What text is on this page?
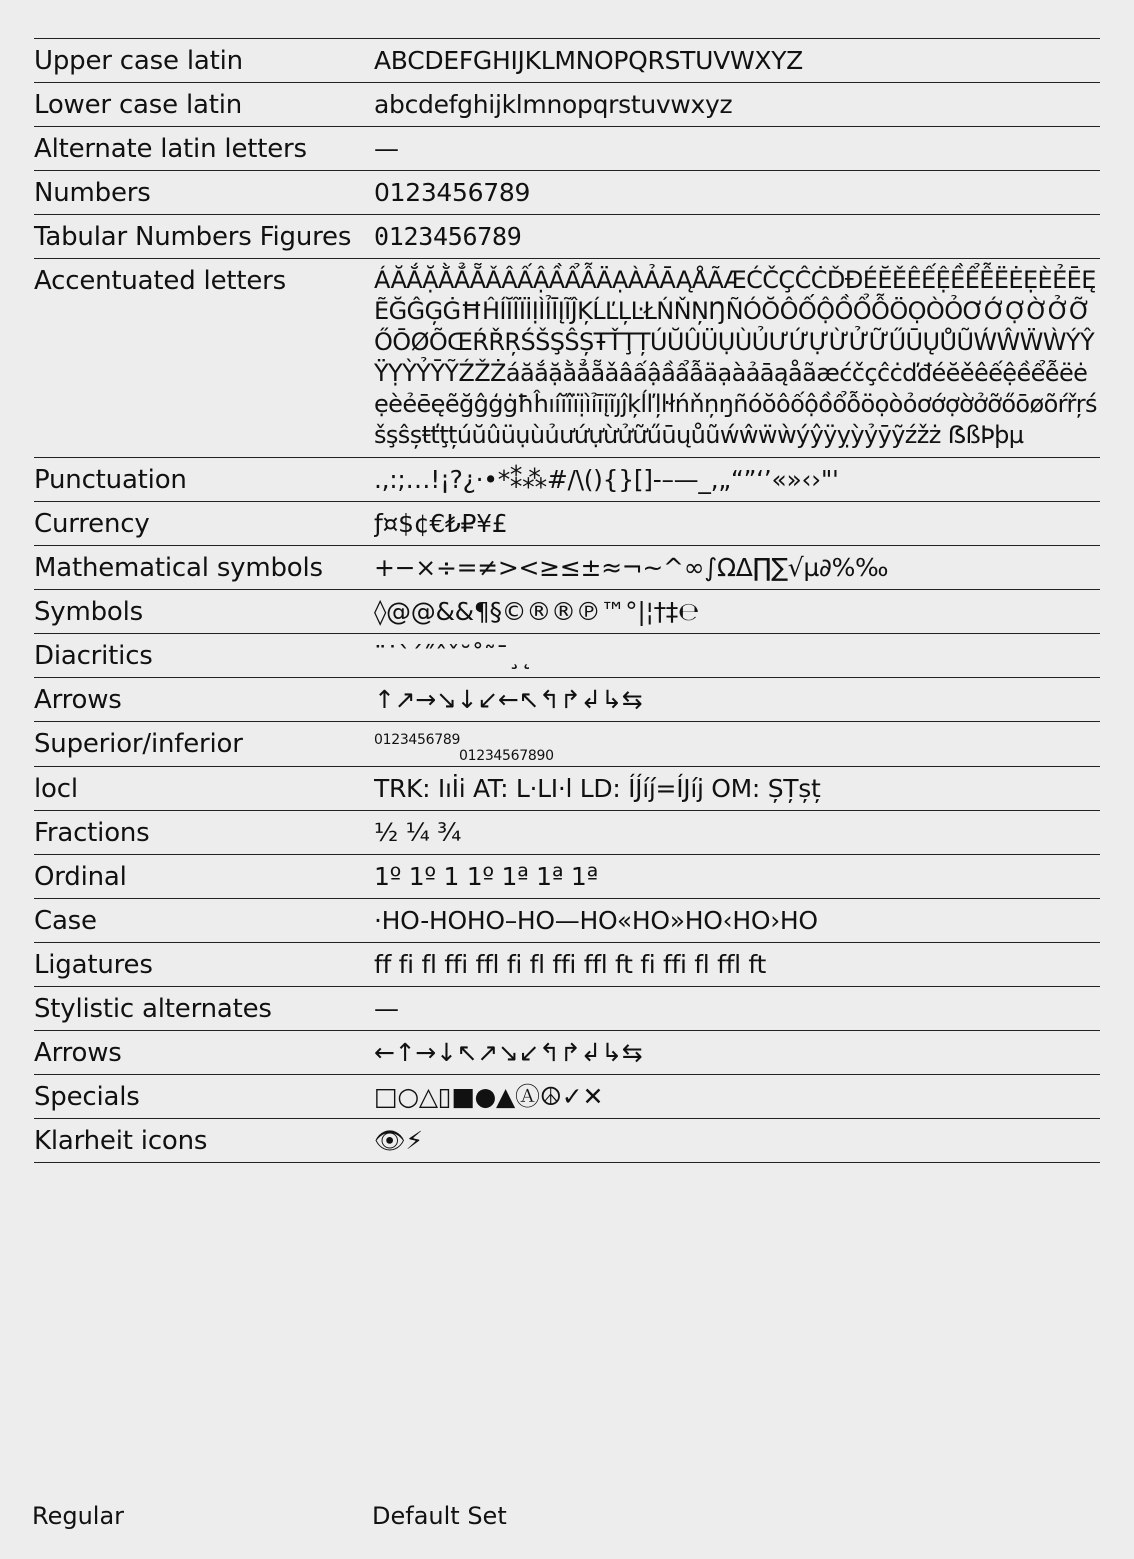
Upper case latin	ABCDEFGHIJKLMNOPQRSTUVWXYZ
Lower case latin	abcdefghijklmnopqrstuvwxyz
Alternate latin letters	—
Numbers	0123456789
Tabular Numbers Figures 0123456789
Accentuated letters	ÁĂẮẶẰẲẴǍÂẤẬẦẨẪÄẠÀẢĀĄÅÃÆĆČÇĈĊĎĐÉĔĚÊẾỆỀỂỄËĖẸÈẺĒĘẼĞĜĢĠĦĤÍĬÎÏİỊÌỈĪĮĨĴĶĹĽĻĿŁŃŇŅŊÑÓŎÔỐỘỒỔỖÖỌÒỎƠỚỢỜỞỠŐŌØÕŒŔŘŖŚŠŞŜȘŦŤŢȚÚŬÛÜỤÙỦƯỨỰỪỬỮŰŪŲŮŨẂŴẄẀÝŶŸỴỲỶȲỸŹŽŻáăắặằẳẵǎâấậầẩẫäạàảāąåãæćčçĉċďđéĕěêếệềểễëėẹèẻēęẽğĝģġħĥıíĭîïịìỉīįĩȷĵķĺľļŀłńňņŋñóŏôốộồổỗöọòỏơớợờởỡőōøõŕřŗśšşŝșŧťţțúŭûüụùủưứựừửữűūųůũẃŵẅẁýŷÿỵỳỷȳỹźžż ẞßÞþµ
Punctuation	.,:;…!¡?¿·•*⁑⁂#/\(){}[]-–—_‚„“”‘’«»‹›"'
Currency	ƒ¤$¢€₺₽¥£
Mathematical symbols	+−×÷=≠><≥≤±≈¬~^∞∫ΩΔ∏∑√µ∂%‰
Symbols	◊@@&&¶§©®®℗™°|¦†‡℮
Diacritics	¨˙`´˝ˆˇ˘˚˜¯¸˛
Arrows	↑↗→↘↓↙←↖↰↱↲↳⇆
Superior/inferior	0123456789
01234567890
locl	TRK: Iıİi AT: L·LI·l LD: ÍJ́íj́=ÍJíj OM: ȘȚșț
Fractions	½ ¼ ¾
Ordinal	1º 1º 1 1º 1ª 1ª 1ª
Case	·HO-HOHO–HO—HO«HO»HO‹HO›HO
Ligatures	ff fi fl ffi ffl fi fl ffi ffl ft fi ffi fl ffl ft
Stylistic alternates	—
Arrows	←↑→↓↖↗↘↙↰↱↲↳⇆
Specials	□○△▯■●▲Ⓐ☮✓✕
Klarheit icons	👁⚡
Regular	Default Set
